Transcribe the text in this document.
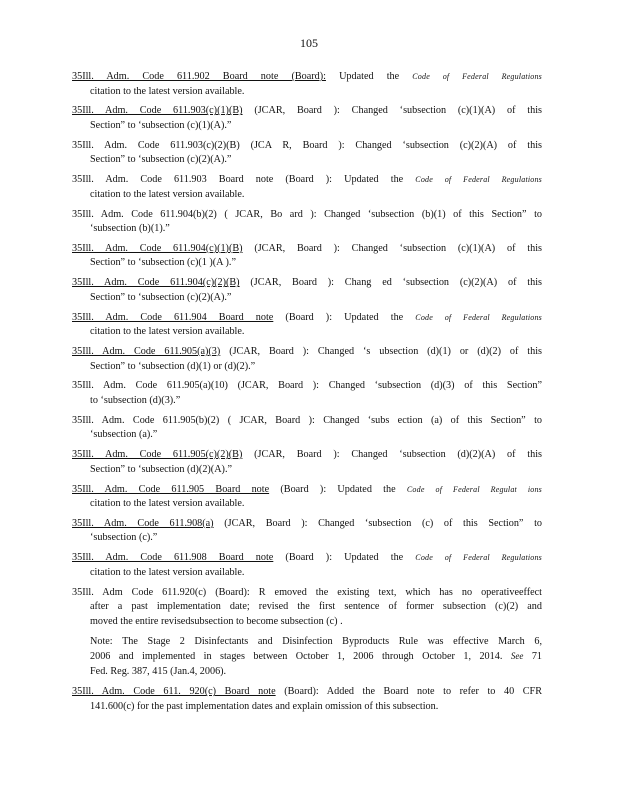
105
35Ill. Adm. Code 611.902 Board note (Board): Updated the Code of Federal Regulations
citation to the latest version available.
35Ill. Adm. Code 611.903(c)(1)(B) (JCAR, Board ): Changed ‘subsection (c)(1)(A) of this
Section” to ‘subsection (c)(1)(A).”
35Ill. Adm. Code 611.903(c)(2)(B) (JCA R, Board ): Changed ‘subsection (c)(2)(A) of this
Section” to ‘subsection (c)(2)(A).”
35Ill. Adm. Code 611.903 Board note (Board ): Updated the Code of Federal Regulations
citation to the latest version available.
35Ill. Adm. Code 611.904(b)(2) ( JCAR, Bo ard ): Changed ‘subsection (b)(1) of this Section” to
‘subsection (b)(1).”
35Ill. Adm. Code 611.904(c)(1)(B) (JCAR, Board ): Changed ‘subsection (c)(1)(A) of this
Section” to ‘subsection (c)(1 )(A ).”
35Ill. Adm. Code 611.904(c)(2)(B) (JCAR, Board ): Chang ed ‘subsection (c)(2)(A) of this
Section” to ‘subsection (c)(2)(A).”
35Ill. Adm. Code 611.904 Board note (Board ): Updated the Code of Federal Regulations
citation to the latest version available.
35Ill. Adm. Code 611.905(a)(3) (JCAR, Board ): Changed ‘s ubsection (d)(1) or (d)(2) of this
Section” to ‘subsection (d)(1) or (d)(2).”
35Ill. Adm. Code 611.905(a)(10) (JCAR, Board ): Changed ‘subsection (d)(3) of this Section”
to ‘subsection (d)(3).”
35Ill. Adm. Code 611.905(b)(2) ( JCAR, Board ): Changed ‘subs ection (a) of this Section” to
‘subsection (a).”
35Ill. Adm. Code 611.905(c)(2)(B) (JCAR, Board ): Changed ‘subsection (d)(2)(A) of this
Section” to ‘subsection (d)(2)(A).”
35Ill. Adm. Code 611.905 Board note (Board ): Updated the Code of Federal Regulat ions
citation to the latest version available.
35Ill. Adm. Code 611.908(a) (JCAR, Board ): Changed ‘subsection (c) of this Section” to
‘subsection (c).”
35Ill. Adm. Code 611.908 Board note (Board ): Updated the Code of Federal Regulations
citation to the latest version available.
35Ill. Adm Code 611.920(c) (Board): R emoved the existing text, which has no operativeeffect
after a past implementation date; revised the first sentence of former subsection (c)(2) and
moved the entire revisedsubsection to become subsection (c) .
Note: The Stage 2 Disinfectants and Disinfection Byproducts Rule was effective March 6,
2006 and implemented in stages between October 1, 2006 through October 1, 2014. See 71
Fed. Reg. 387, 415 (Jan.4, 2006).
35Ill. Adm. Code 611. 920(c) Board note (Board): Added the Board note to refer to 40 CFR
141.600(c) for the past implementation dates and explain omission of this subsection.
